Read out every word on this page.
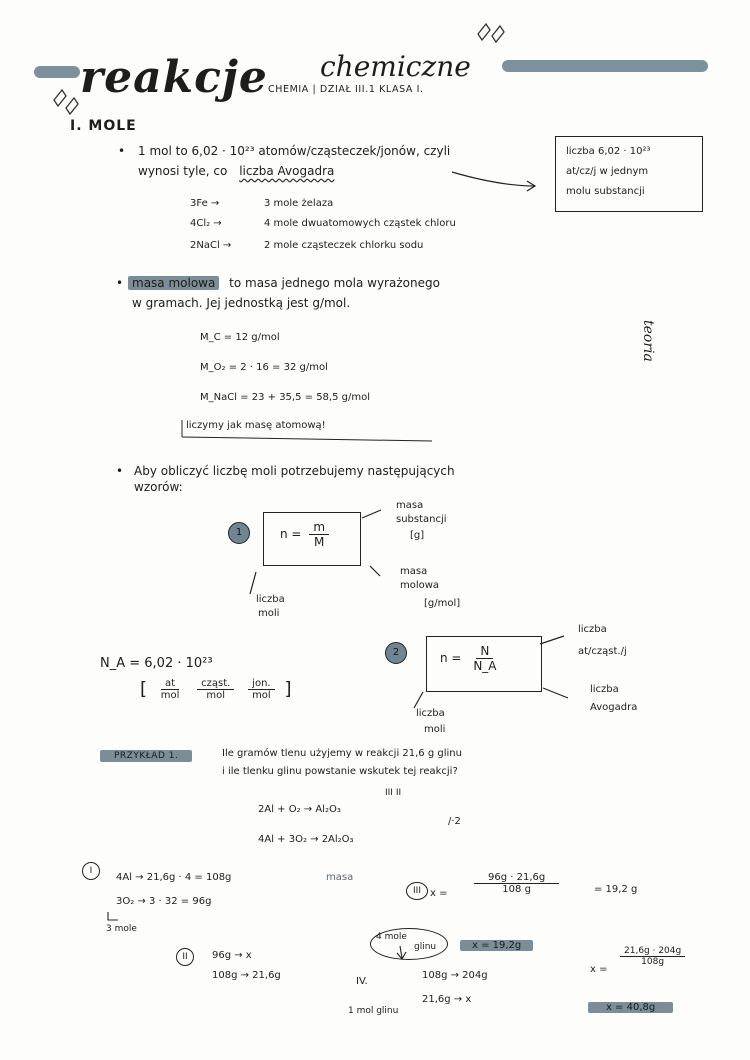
reakcje chemiczne
CHEMIA | DZIAŁ III.1 KLASA I.
I. MOLE
• 1 mol to 6,02 · 10²³ atomów/cząsteczek/jonów, czyli
wynosi tyle, co liczba Avogadra
liczba 6,02 · 10²³
at/cz/j w jednym
molu substancji
3Fe →	3 mole żelaza
4Cl₂ →	4 mole dwuatomowych cząstek chloru
2NaCl →	2 mole cząsteczek chlorku sodu
• masa molowa to masa jednego mola wyrażonego
w gramach. Jej jednostką jest g/mol.
M_C = 12 g/mol
M_O₂ = 2 · 16 = 32 g/mol
M_NaCl = 23 + 35,5 = 58,5 g/mol
liczymy jak masę atomową!
teoria
• Aby obliczyć liczbę moli potrzebujemy następujących
wzorów:
1	$n = \frac{m}{M}$
masa
substancji
[g]
masa
molowa
[g/mol]
liczba
moli
N_A = 6,02 · 10²³
[ $\frac{at}{\text{mol}}$
$\frac{\text{cząst.}}{\text{mol}}$
$\frac{\text{jon.}}{\text{mol}}$ ]
2	$n = \frac{N}{N\_A}$
liczba
at/cząst./j
liczba
Avogadra
liczba
moli
PRZYKŁAD 1.	Ile gramów tlenu użyjemy w reakcji 21,6 g glinu
i ile tlenku glinu powstanie wskutek tej reakcji?
III II
2Al + O₂ → Al₂O₃
4Al + 3O₂ → 2Al₂O₃
/·2
I
4Al → 21,6g · 4 = 108g	masa
3O₂ → 3 · 32 = 96g
3 mole
II	96g → x
108g → 21,6g
III x =	$\frac{96g \cdot 21,6g}{108 g}$	= 19,2 g
4 mole
glinu	x = 19,2g
IV.
108g → 204g
21,6g → x
1 mol glinu
x =
$\frac{21,6g \cdot 204g}{108g}$
x = 40,8g
